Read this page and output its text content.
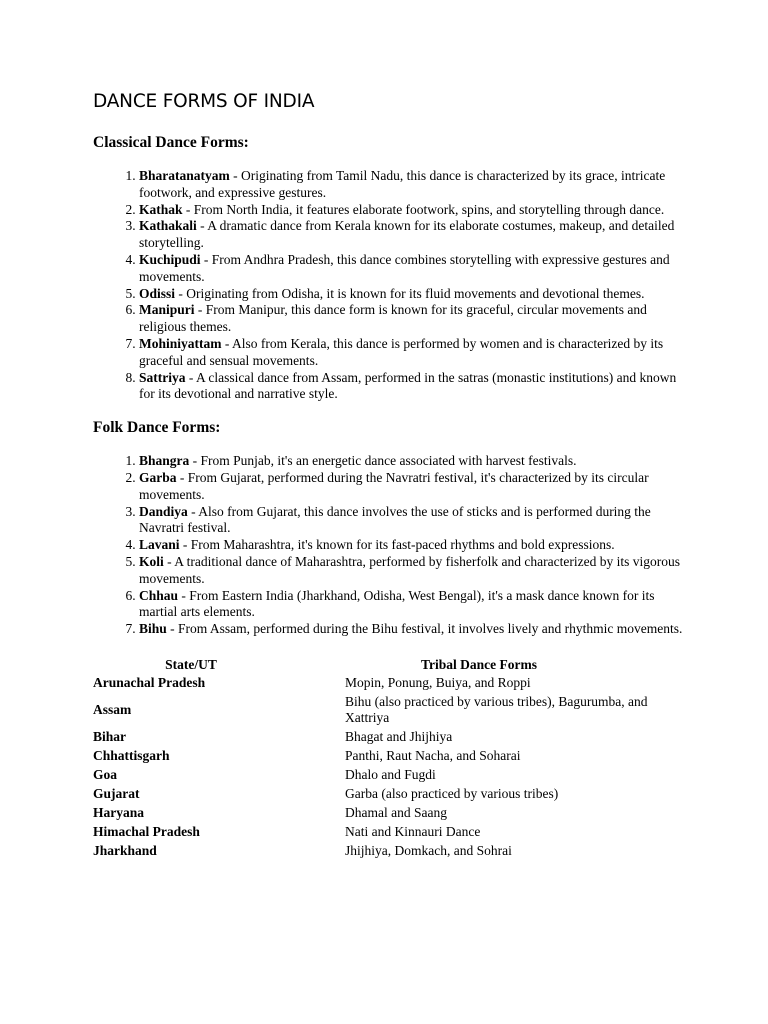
DANCE FORMS OF INDIA
Classical Dance Forms:
1. Bharatanatyam - Originating from Tamil Nadu, this dance is characterized by its grace, intricate footwork, and expressive gestures.
2. Kathak - From North India, it features elaborate footwork, spins, and storytelling through dance.
3. Kathakali - A dramatic dance from Kerala known for its elaborate costumes, makeup, and detailed storytelling.
4. Kuchipudi - From Andhra Pradesh, this dance combines storytelling with expressive gestures and movements.
5. Odissi - Originating from Odisha, it is known for its fluid movements and devotional themes.
6. Manipuri - From Manipur, this dance form is known for its graceful, circular movements and religious themes.
7. Mohiniyattam - Also from Kerala, this dance is performed by women and is characterized by its graceful and sensual movements.
8. Sattriya - A classical dance from Assam, performed in the satras (monastic institutions) and known for its devotional and narrative style.
Folk Dance Forms:
1. Bhangra - From Punjab, it's an energetic dance associated with harvest festivals.
2. Garba - From Gujarat, performed during the Navratri festival, it's characterized by its circular movements.
3. Dandiya - Also from Gujarat, this dance involves the use of sticks and is performed during the Navratri festival.
4. Lavani - From Maharashtra, it's known for its fast-paced rhythms and bold expressions.
5. Koli - A traditional dance of Maharashtra, performed by fisherfolk and characterized by its vigorous movements.
6. Chhau - From Eastern India (Jharkhand, Odisha, West Bengal), it's a mask dance known for its martial arts elements.
7. Bihu - From Assam, performed during the Bihu festival, it involves lively and rhythmic movements.
State/UT	Tribal Dance Forms
Arunachal Pradesh	Mopin, Ponung, Buiya, and Roppi
Assam	Bihu (also practiced by various tribes), Bagurumba, and Xattriya
Bihar	Bhagat and Jhijhiya
Chhattisgarh	Panthi, Raut Nacha, and Soharai
Goa	Dhalo and Fugdi
Gujarat	Garba (also practiced by various tribes)
Haryana	Dhamal and Saang
Himachal Pradesh	Nati and Kinnauri Dance
Jharkhand	Jhijhiya, Domkach, and Sohrai
